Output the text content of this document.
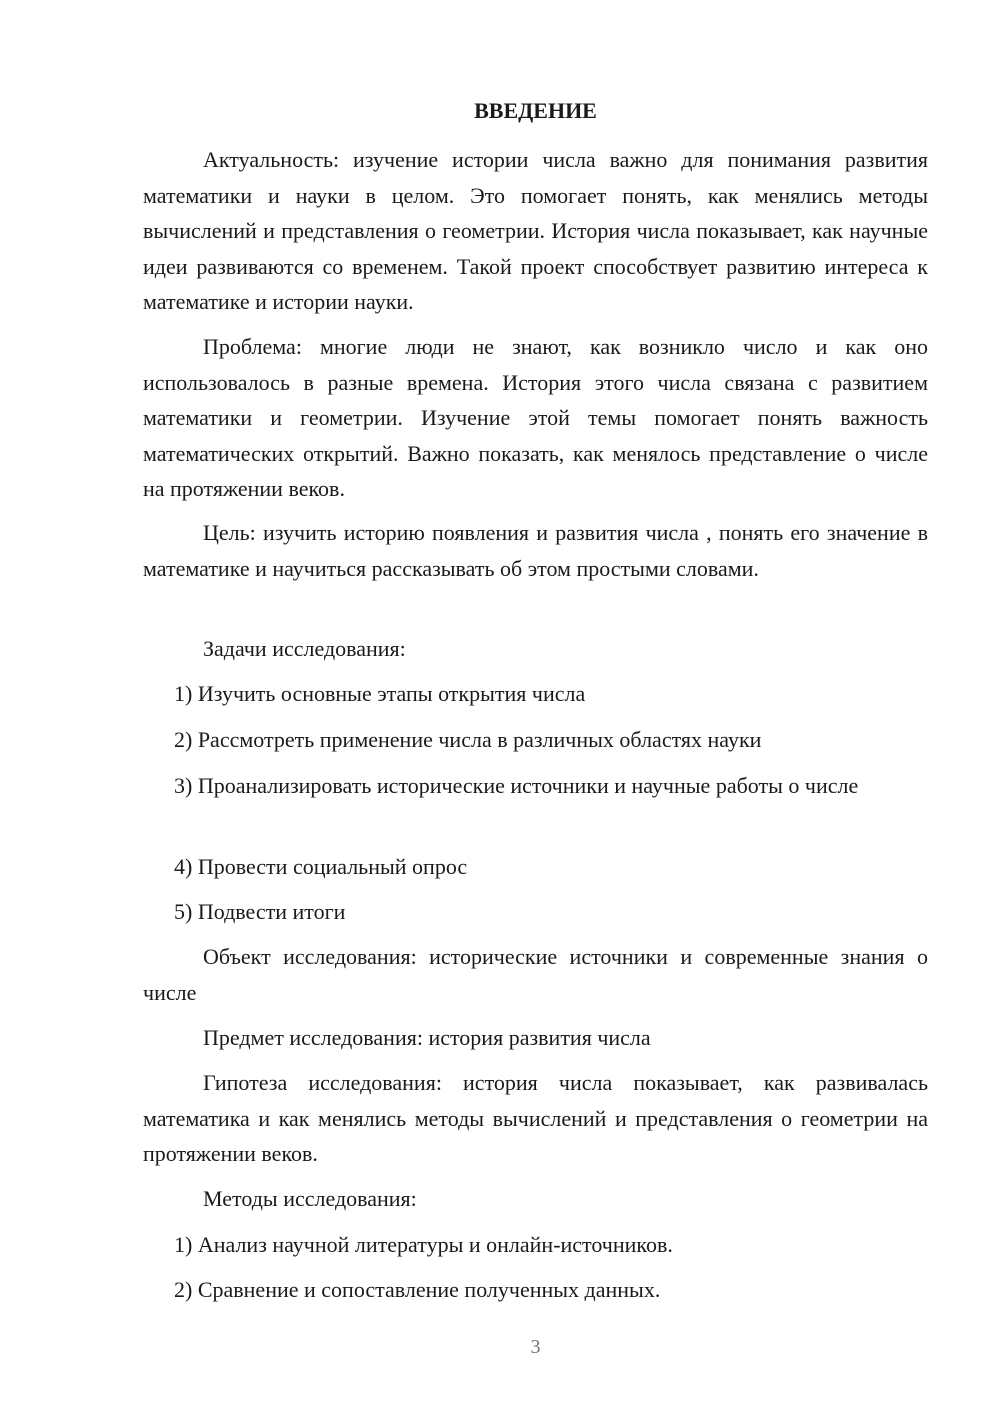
ВВЕДЕНИЕ

Актуальность: изучение истории числа важно для понимания развития математики и науки в целом. Это помогает понять, как менялись методы вычислений и представления о геометрии. История числа показывает, как научные идеи развиваются со временем. Такой проект способствует развитию интереса к математике и истории науки.

Проблема: многие люди не знают, как возникло число и как оно использовалось в разные времена. История этого числа связана с развитием математики и геометрии. Изучение этой темы помогает понять важность математических открытий. Важно показать, как менялось представление о числе на протяжении веков.

Цель: изучить историю появления и развития числа , понять его значение в математике и научиться рассказывать об этом простыми словами.

Задачи исследования:

1) Изучить основные этапы открытия числа

2) Рассмотреть применение числа в различных областях науки

3) Проанализировать исторические источники и научные работы о числе

4) Провести социальный опрос

5) Подвести итоги

Объект исследования: исторические источники и современные знания о числе

Предмет исследования: история развития числа

Гипотеза исследования: история числа показывает, как развивалась математика и как менялись методы вычислений и представления о геометрии на протяжении веков.

Методы исследования:

1) Анализ научной литературы и онлайн-источников.

2) Сравнение и сопоставление полученных данных.

3
